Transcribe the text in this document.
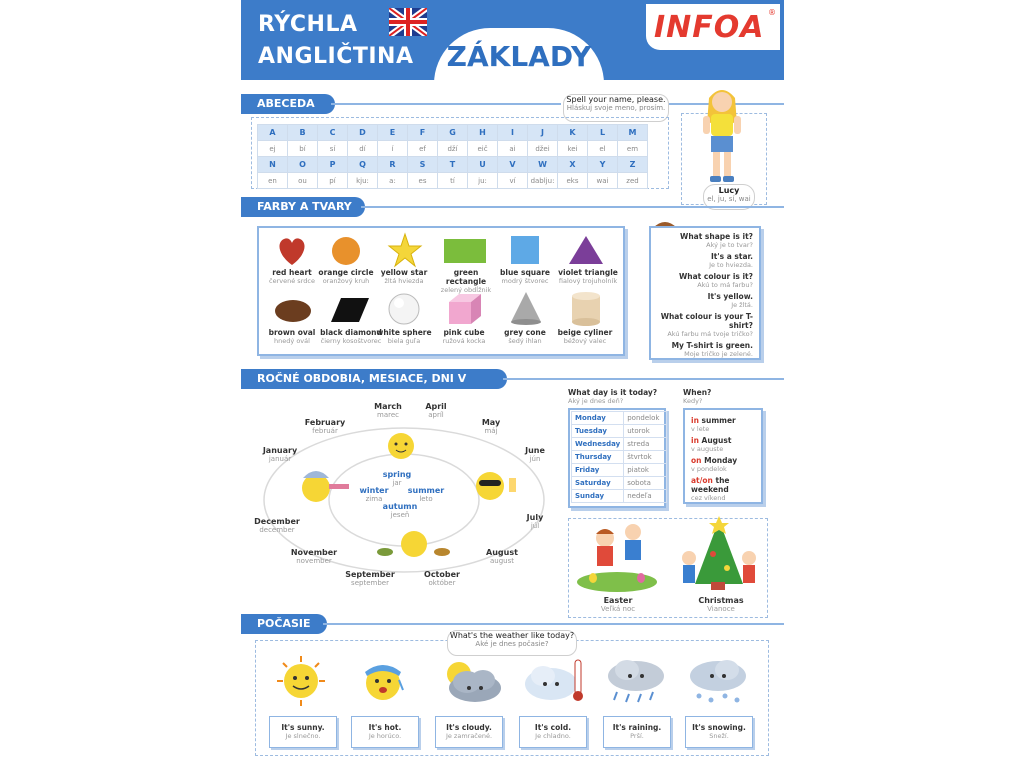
RÝCHLA
ANGLIČTINA	ZÁKLADY
INFOA ®
ABECEDA	Spell your name, please.
Hláskuj svoje meno, prosím.
A	B	C	D	E	F	G	H	I	J	K	L	M
ej	bí	sí	dí	í	ef	dží	eič	ai	džei	kei	el	em
N	O	P	Q	R	S	T	U	V	W	X	Y	Z
en	ou	pí	kju:	a:	es	tí	ju:	ví	dablju:	eks	wai	zed
Lucy
el, ju, sí, wai
FARBY A TVARY
red heart
červené srdce
orange circle
oranžový kruh
yellow star
žltá hviezda
green rectangle
zelený obdĺžnik
blue square
modrý štvorec
violet triangle
fialový trojuholník
brown oval
hnedý ovál
black diamond
čierny kosoštvorec
white sphere
biela guľa
pink cube
ružová kocka
grey cone
šedý ihlan
beige cyliner
béžový valec
What shape is it?
Aký je to tvar?
It's a star.
Je to hviezda.
What colour is it?
Akú to má farbu?
It's yellow.
Je žltá.
What colour is your T-shirt?
Akú farbu má tvoje tričko?
My T-shirt is green.
Moje tričko je zelené.
ROČNÉ OBDOBIA, MESIACE, DNI V TÝŽDNI
March
marec
April
apríl
February
február
May
máj
January
január
June
jún
December
december
July
júl
November
november
August
august
September
september
October
október
spring
jar
summer
leto
autumn
jeseň
winter
zima
What day is it today?
Aký je dnes deň?
Monday	pondelok
Tuesday	utorok
Wednesday	streda
Thursday	štvrtok
Friday	piatok
Saturday	sobota
Sunday	nedeľa
When?
Kedy?
in summer
v lete
in August
v auguste
on Monday
v pondelok
at/on the weekend
cez víkend
Easter
Veľká noc
Christmas
Vianoce
POČASIE
What's the weather like today?
Aké je dnes počasie?
It's sunny.
Je slnečno.
It's hot.
Je horúco.
It's cloudy.
Je zamračené.
It's cold.
Je chladno.
It's raining.
Prší.
It's snowing.
Sneží.
